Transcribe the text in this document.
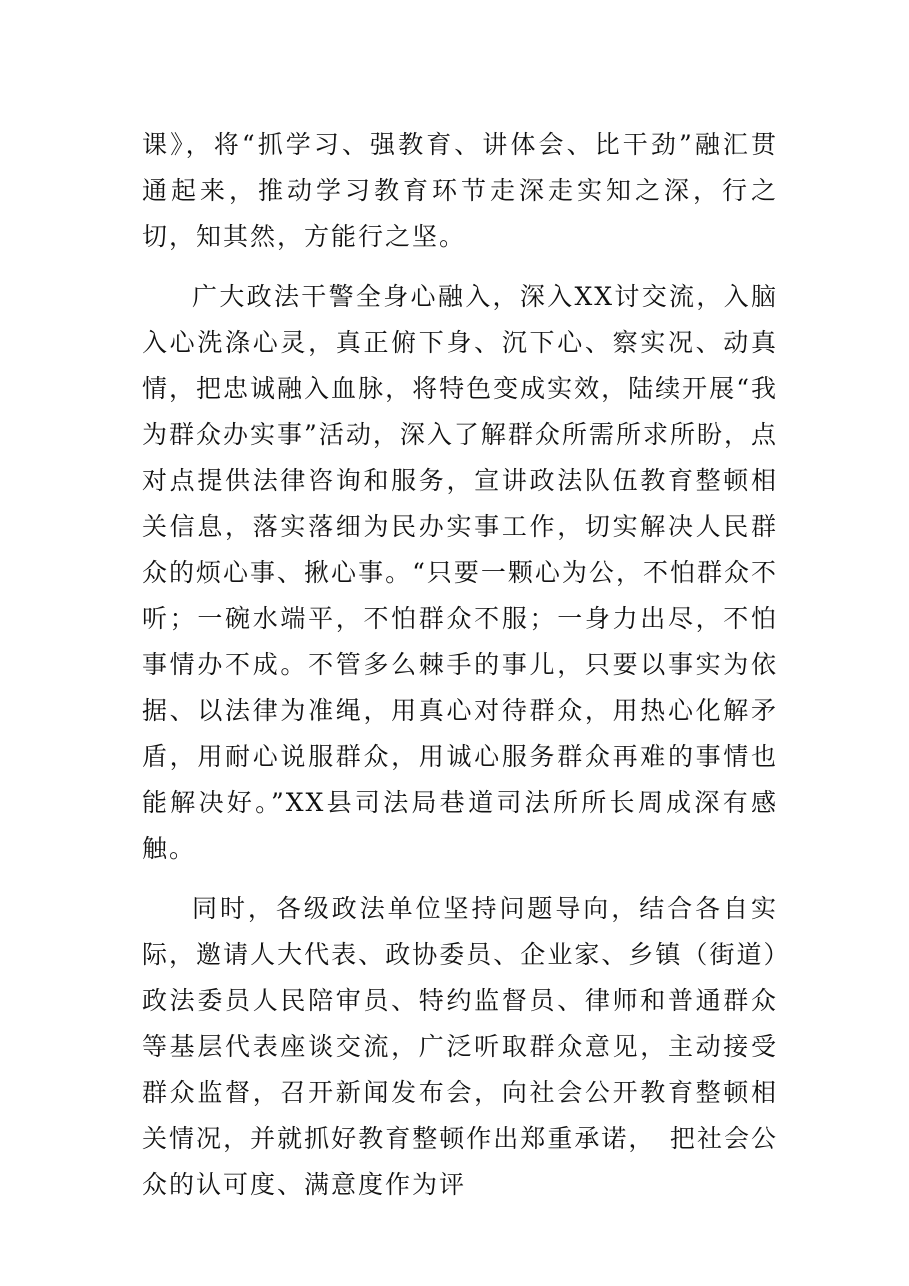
课》，将“抓学习、强教育、讲体会、比干劲”融汇贯通起来，推动学习教育环节走深走实知之深，行之切，知其然，方能行之坚。

广大政法干警全身心融入，深入XX讨交流，入脑入心洗涤心灵，真正俯下身、沉下心、察实况、动真情，把忠诚融入血脉，将特色变成实效，陆续开展“我为群众办实事”活动，深入了解群众所需所求所盼，点对点提供法律咨询和服务，宣讲政法队伍教育整顿相关信息，落实落细为民办实事工作，切实解决人民群众的烦心事、揪心事。“只要一颗心为公，不怕群众不听；一碗水端平，不怕群众不服；一身力出尽，不怕事情办不成。不管多么棘手的事儿，只要以事实为依据、以法律为准绳，用真心对待群众，用热心化解矛盾，用耐心说服群众，用诚心服务群众再难的事情也能解决好。”XX县司法局巷道司法所所长周成深有感触。

同时，各级政法单位坚持问题导向，结合各自实际，邀请人大代表、政协委员、企业家、乡镇（街道）政法委员人民陪审员、特约监督员、律师和普通群众等基层代表座谈交流，广泛听取群众意见，主动接受群众监督，召开新闻发布会，向社会公开教育整顿相关情况，并就抓好教育整顿作出郑重承诺，　把社会公众的认可度、满意度作为评
